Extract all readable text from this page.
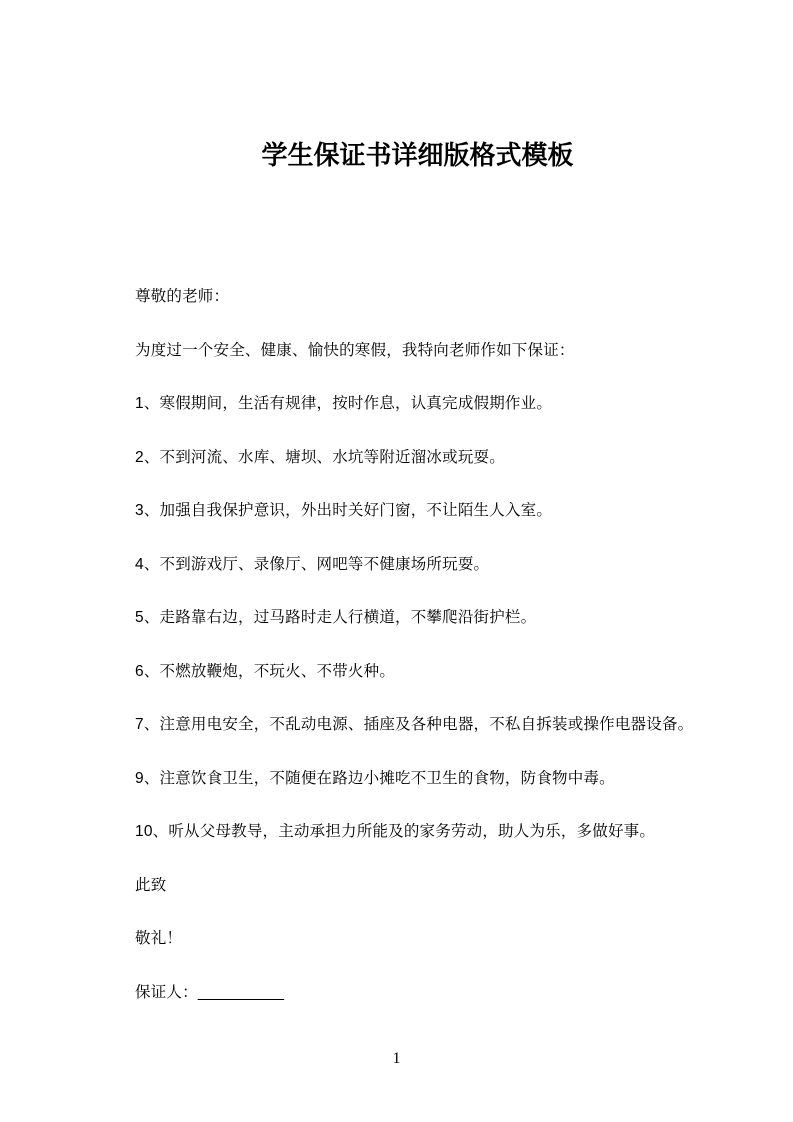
学生保证书详细版格式模板

尊敬的老师：

为度过一个安全、健康、愉快的寒假，我特向老师作如下保证：

1、寒假期间，生活有规律，按时作息，认真完成假期作业。

2、不到河流、水库、塘坝、水坑等附近溜冰或玩耍。

3、加强自我保护意识，外出时关好门窗，不让陌生人入室。

4、不到游戏厅、录像厅、网吧等不健康场所玩耍。

5、走路靠右边，过马路时走人行横道，不攀爬沿街护栏。

6、不燃放鞭炮，不玩火、不带火种。

7、注意用电安全，不乱动电源、插座及各种电器，不私自拆装或操作电器设备。

9、注意饮食卫生，不随便在路边小摊吃不卫生的食物，防食物中毒。

10、听从父母教导，主动承担力所能及的家务劳动，助人为乐，多做好事。

此致

敬礼！

保证人：__________

1
